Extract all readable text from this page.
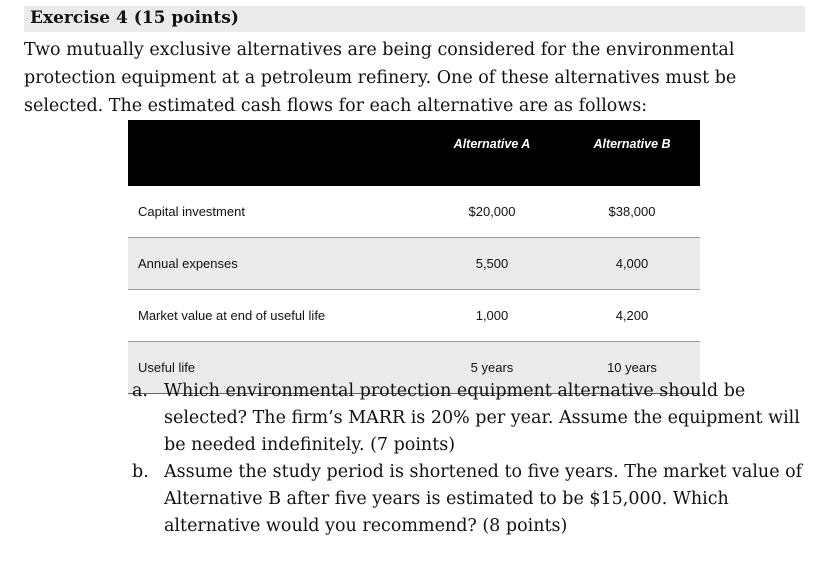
Exercise 4 (15 points)
Two mutually exclusive alternatives are being considered for the environmental
protection equipment at a petroleum refinery. One of these alternatives must be
selected. The estimated cash flows for each alternative are as follows:
	Alternative A	Alternative B
Capital investment	$20,000	$38,000
Annual expenses	5,500	4,000
Market value at end of useful life	1,000	4,200
Useful life	5 years	10 years
a. Which environmental protection equipment alternative should be
selected? The firm’s MARR is 20% per year. Assume the equipment will
be needed indefinitely. (7 points)
b. Assume the study period is shortened to five years. The market value of
Alternative B after five years is estimated to be $15,000. Which
alternative would you recommend? (8 points)
